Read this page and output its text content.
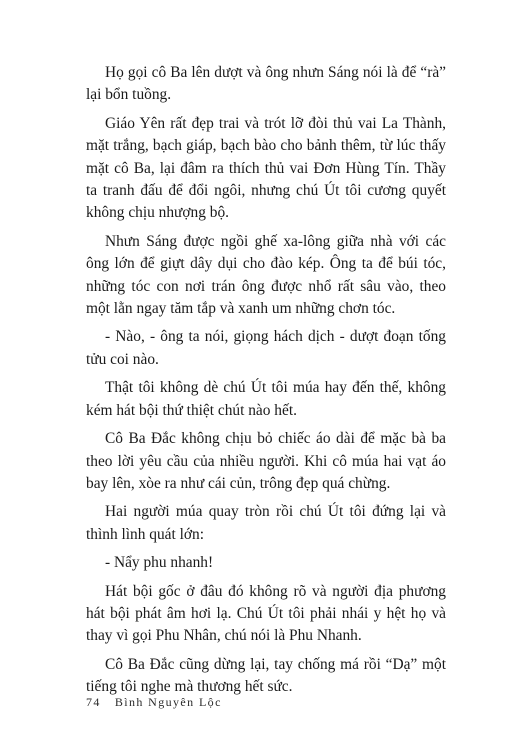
Họ gọi cô Ba lên dượt và ông nhưn Sáng nói là để “rà” lại bổn tuồng.

Giáo Yên rất đẹp trai và trót lỡ đòi thủ vai La Thành, mặt trắng, bạch giáp, bạch bào cho bảnh thêm, từ lúc thấy mặt cô Ba, lại đâm ra thích thủ vai Đơn Hùng Tín. Thầy ta tranh đấu để đổi ngôi, nhưng chú Út tôi cương quyết không chịu nhượng bộ.

Nhưn Sáng được ngồi ghế xa-lông giữa nhà với các ông lớn để giựt dây dụi cho đào kép. Ông ta để búi tóc, những tóc con nơi trán ông được nhổ rất sâu vào, theo một lằn ngay tăm tắp và xanh um những chơn tóc.

- Nào, - ông ta nói, giọng hách dịch - dượt đoạn tống tửu coi nào.

Thật tôi không dè chú Út tôi múa hay đến thế, không kém hát bội thứ thiệt chút nào hết.

Cô Ba Đắc không chịu bỏ chiếc áo dài để mặc bà ba theo lời yêu cầu của nhiều người. Khi cô múa hai vạt áo bay lên, xòe ra như cái củn, trông đẹp quá chừng.

Hai người múa quay tròn rồi chú Út tôi đứng lại và thình lình quát lớn:

- Nẩy phu nhanh!

Hát bội gốc ở đâu đó không rõ và người địa phương hát bội phát âm hơi lạ. Chú Út tôi phải nhái y hệt họ và thay vì gọi Phu Nhân, chú nói là Phu Nhanh.

Cô Ba Đắc cũng dừng lại, tay chống má rồi “Dạ” một tiếng tôi nghe mà thương hết sức.

74 Bình Nguyên Lộc
